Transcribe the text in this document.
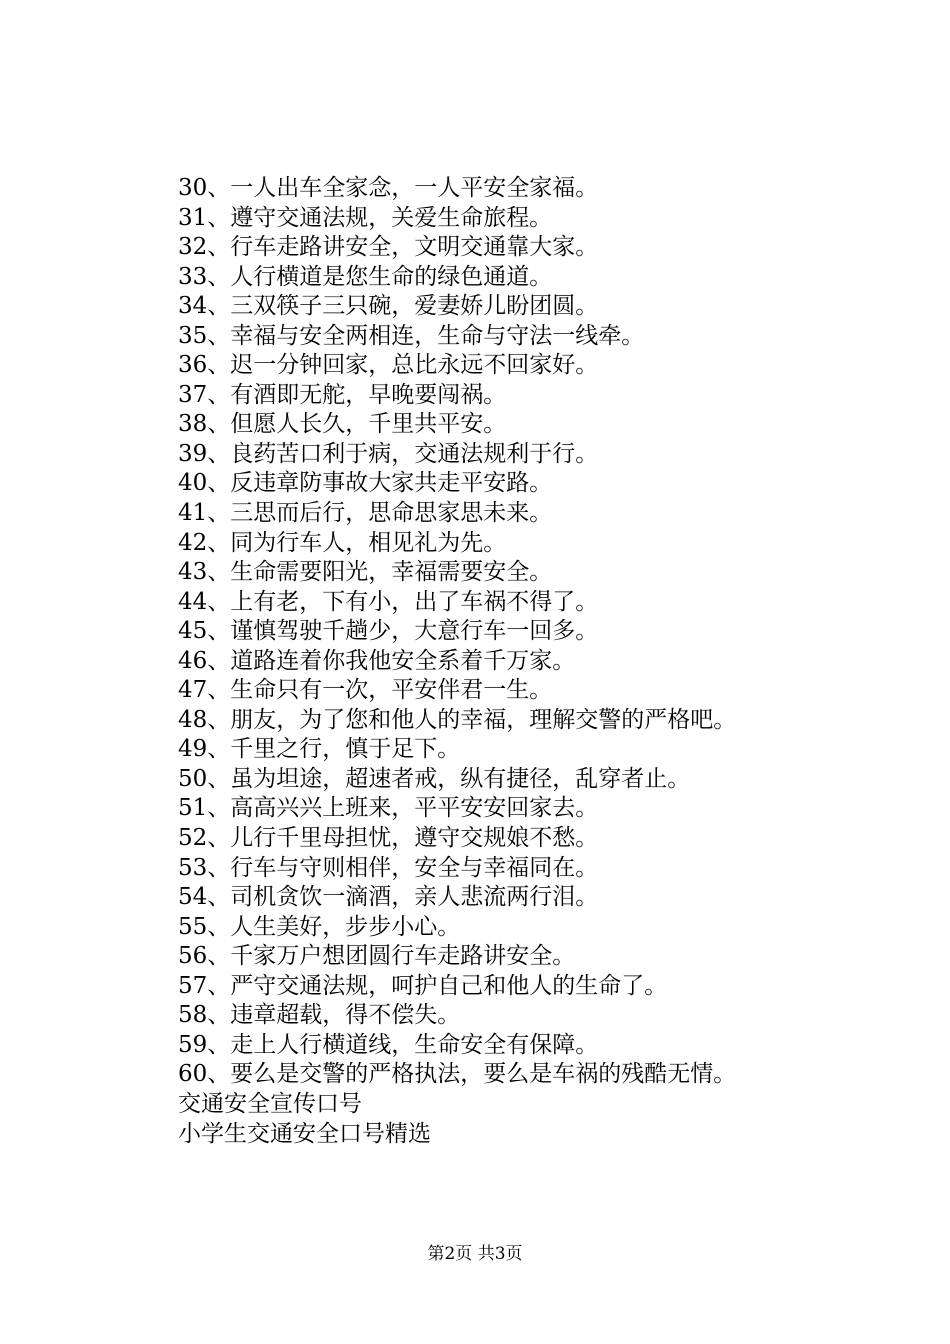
30、一人出车全家念，一人平安全家福。
31、遵守交通法规，关爱生命旅程。
32、行车走路讲安全，文明交通靠大家。
33、人行横道是您生命的绿色通道。
34、三双筷子三只碗，爱妻娇儿盼团圆。
35、幸福与安全两相连，生命与守法一线牵。
36、迟一分钟回家，总比永远不回家好。
37、有酒即无舵，早晚要闯祸。
38、但愿人长久，千里共平安。
39、良药苦口利于病，交通法规利于行。
40、反违章防事故大家共走平安路。
41、三思而后行，思命思家思未来。
42、同为行车人，相见礼为先。
43、生命需要阳光，幸福需要安全。
44、上有老，下有小，出了车祸不得了。
45、谨慎驾驶千趟少，大意行车一回多。
46、道路连着你我他安全系着千万家。
47、生命只有一次，平安伴君一生。
48、朋友，为了您和他人的幸福，理解交警的严格吧。
49、千里之行，慎于足下。
50、虽为坦途，超速者戒，纵有捷径，乱穿者止。
51、高高兴兴上班来，平平安安回家去。
52、儿行千里母担忧，遵守交规娘不愁。
53、行车与守则相伴，安全与幸福同在。
54、司机贪饮一滴酒，亲人悲流两行泪。
55、人生美好，步步小心。
56、千家万户想团圆行车走路讲安全。
57、严守交通法规，呵护自己和他人的生命了。
58、违章超载，得不偿失。
59、走上人行横道线，生命安全有保障。
60、要么是交警的严格执法，要么是车祸的残酷无情。
交通安全宣传口号
小学生交通安全口号精选
第2页 共3页
